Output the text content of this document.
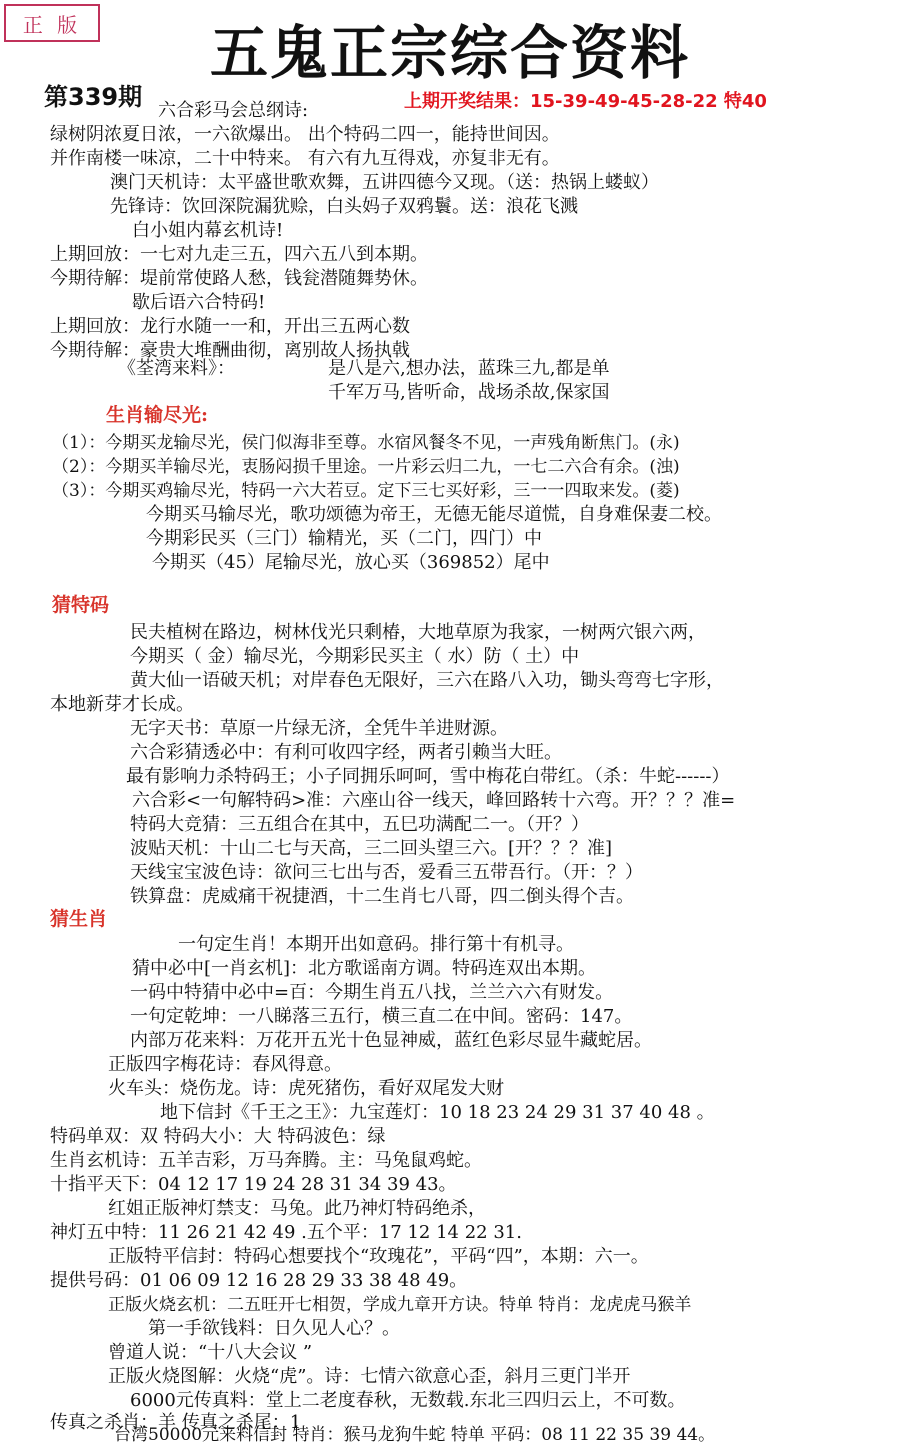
正 版	五鬼正宗综合资料
第339期	上期开奖结果：15-39-49-45-28-22 特40
六合彩马会总纲诗:
绿树阴浓夏日浓，一六欲爆出。 出个特码二四一，能持世间因。
并作南楼一味凉，二十中特来。 有六有九互得戏，亦复非无有。
澳门天机诗：太平盛世歌欢舞，五讲四德今又现。（送：热锅上蝼蚁）
先锋诗：饮回深院漏犹赊，白头妈子双鸦鬟。送：浪花飞溅
白小姐内幕玄机诗!
上期回放：一七对九走三五，四六五八到本期。
今期待解：堤前常使路人愁，钱瓮潜随舞势休。
歇后语六合特码!
上期回放：龙行水随一一和，开出三五两心数
今期待解：豪贵大堆酬曲彻，离别故人扬执戟
《荃湾来料》：	是八是六,想办法，蓝珠三九,都是单
千军万马,皆听命，战场杀故,保家国
生肖输尽光:
（1）：今期买龙输尽光，侯门似海非至尊。水宿风餐冬不见，一声残角断焦门。(永)
（2）：今期买羊输尽光，衷肠闷损千里途。一片彩云归二九，一七二六合有余。(浊)
（3）：今期买鸡输尽光，特码一六大若豆。定下三七买好彩，三一一四取来发。(菱)
今期买马输尽光，歌功颂德为帝王，无德无能尽道慌，自身难保妻二校。
今期彩民买（三门）输精光，买（二门，四门）中
今期买（45）尾输尽光，放心买（369852）尾中
猜特码
民夫植树在路边，树林伐光只剩椿，大地草原为我家，一树两穴银六两，
今期买（ 金）输尽光，今期彩民买主（ 水）防（ 土）中
黄大仙一语破天机；对岸春色无限好，三六在路八入功，锄头弯弯七字形，
本地新芽才长成。
无字天书：草原一片绿无济，全凭牛羊进财源。
六合彩猜透必中：有利可收四字经，两者引赖当大旺。
最有影响力杀特码王；小子同拥乐呵呵，雪中梅花白带红。（杀：牛蛇------）
六合彩<一句解特码>准：六座山谷一线天，峰回路转十六弯。开？？？准=
特码大竞猜：三五组合在其中，五巳功满配二一。（开？）
波贴天机：十山二七与天高，三二回头望三六。[开？？？准]
天线宝宝波色诗：欲问三七出与否，爱看三五带吾行。（开：？）
铁算盘：虎威痛干祝捷酒，十二生肖七八哥，四二倒头得个吉。
猜生肖
一句定生肖！本期开出如意码。排行第十有机寻。
猜中必中[一肖玄机]：北方歌谣南方调。特码连双出本期。
一码中特猜中必中=百：今期生肖五八找，兰兰六六有财发。
一句定乾坤：一八睇落三五行，横三直二在中间。密码：147。
内部万花来料：万花开五光十色显神威，蓝红色彩尽显牛藏蛇居。
正版四字梅花诗：春风得意。
火车头：烧伤龙。诗：虎死猪伤，看好双尾发大财
地下信封《千王之王》：九宝莲灯：10 18 23 24 29 31 37 40 48 。
特码单双：双 特码大小：大 特码波色：绿
生肖玄机诗：五羊吉彩，万马奔腾。主：马兔鼠鸡蛇。
十指平天下：04 12 17 19 24 28 31 34 39 43。
红姐正版神灯禁支：马兔。此乃神灯特码绝杀，
神灯五中特：11 26 21 42 49 .五个平：17 12 14 22 31.
正版特平信封：特码心想要找个“玫瑰花”，平码“四”，本期：六一。
提供号码：01 06 09 12 16 28 29 33 38 48 49。
正版火烧玄机：二五旺开七相贺，学成九章开方诀。特单 特肖：龙虎虎马猴羊
第一手欲钱料：日久见人心？。
曾道人说：“十八大会议 ”
正版火烧图解：火烧“虎”。诗：七情六欲意心歪，斜月三更门半开
6000元传真料：堂上二老度春秋，无数载.东北三四归云上，不可数。
传真之杀肖：羊 传真之杀尾：1
台湾50000元来料信封 特肖：猴马龙狗牛蛇 特单 平码：08 11 22 35 39 44。
